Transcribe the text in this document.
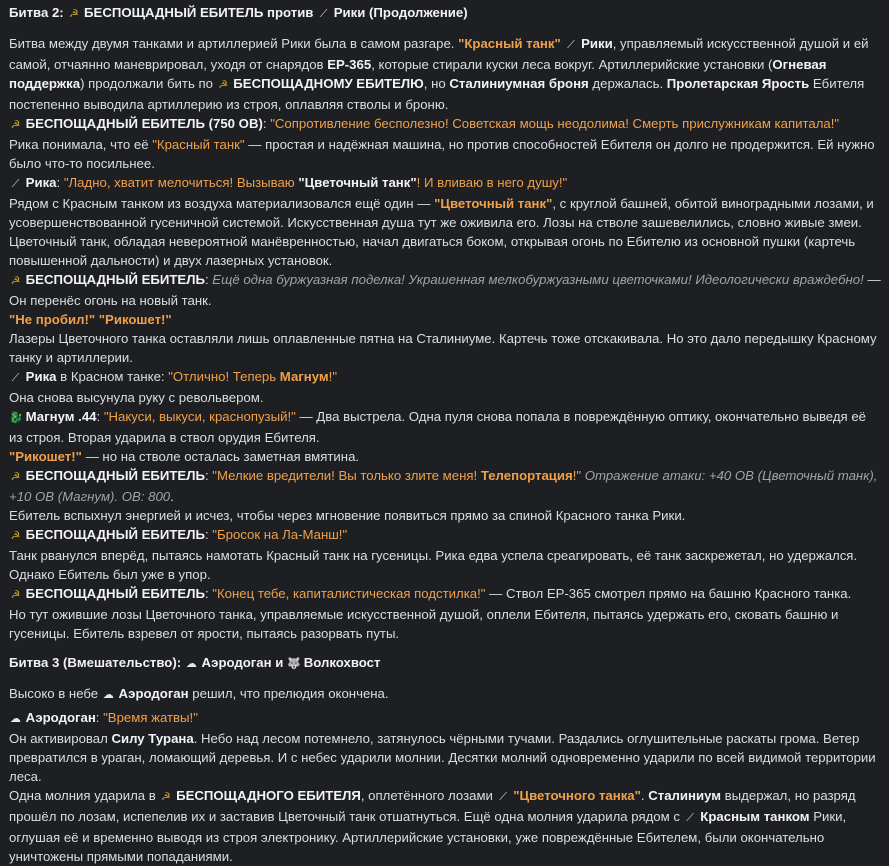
Битва 2: ☭ БЕСПОЩАДНЫЙ ЕБИТЕЛЬ против ⟋ Рики (Продолжение)
Битва между двумя танками и артиллерией Рики была в самом разгаре. "Красный танк" ⟋ Рики, управляемый искусственной душой и ей самой, отчаянно маневрировал, уходя от снарядов ЕР-365, которые стирали куски леса вокруг. Артиллерийские установки (Огневая поддержка) продолжали бить по ☭ БЕСПОЩАДНОМУ ЕБИТЕЛЮ, но Сталиниумная броня держалась. Пролетарская Ярость Ебителя постепенно выводила артиллерию из строя, оплавляя стволы и броню.
☭ БЕСПОЩАДНЫЙ ЕБИТЕЛЬ (750 ОВ): "Сопротивление бесполезно! Советская мощь неодолима! Смерть прислужникам капитала!"
Рика понимала, что её "Красный танк" — простая и надёжная машина, но против способностей Ебителя он долго не продержится. Ей нужно было что-то посильнее.
⟋ Рика: "Ладно, хватит мелочиться! Вызываю "Цветочный танк"! И вливаю в него душу!"
Рядом с Красным танком из воздуха материализовался ещё один — "Цветочный танк", с круглой башней, обитой виноградными лозами, и усовершенствованной гусеничной системой. Искусственная душа тут же оживила его. Лозы на стволе зашевелились, словно живые змеи. Цветочный танк, обладая невероятной манёвренностью, начал двигаться боком, открывая огонь по Ебителю из основной пушки (картечь повышенной дальности) и двух лазерных установок.
☭ БЕСПОЩАДНЫЙ ЕБИТЕЛЬ: Ещё одна буржуазная поделка! Украшенная мелкобуржуазными цветочками! Идеологически враждебно! — Он перенёс огонь на новый танк.
"Не пробил!" "Рикошет!"
Лазеры Цветочного танка оставляли лишь оплавленные пятна на Сталиниуме. Картечь тоже отскакивала. Но это дало передышку Красному танку и артиллерии.
⟋ Рика в Красном танке: "Отлично! Теперь Магнум!"
Она снова высунула руку с револьвером.
🐉 Магнум .44: "Накуси, выкуси, краснопузый!" — Два выстрела. Одна пуля снова попала в повреждённую оптику, окончательно выведя её из строя. Вторая ударила в ствол орудия Ебителя.
"Рикошет!" — но на стволе осталась заметная вмятина.
☭ БЕСПОЩАДНЫЙ ЕБИТЕЛЬ: "Мелкие вредители! Вы только злите меня! Телепортация!" Отражение атаки: +40 ОВ (Цветочный танк), +10 ОВ (Магнум). ОВ: 800.
Ебитель вспыхнул энергией и исчез, чтобы через мгновение появиться прямо за спиной Красного танка Рики.
☭ БЕСПОЩАДНЫЙ ЕБИТЕЛЬ: "Бросок на Ла-Манш!"
Танк рванулся вперёд, пытаясь намотать Красный танк на гусеницы. Рика едва успела среагировать, её танк заскрежетал, но удержался. Однако Ебитель был уже в упор.
☭ БЕСПОЩАДНЫЙ ЕБИТЕЛЬ: "Конец тебе, капиталистическая подстилка!" — Ствол ЕР-365 смотрел прямо на башню Красного танка.
Но тут ожившие лозы Цветочного танка, управляемые искусственной душой, оплели Ебителя, пытаясь удержать его, сковать башню и гусеницы. Ебитель взревел от ярости, пытаясь разорвать путы.
Битва 3 (Вмешательство): ☁ Аэродоган и 🐺 Волкохвост
Высоко в небе ☁ Аэродоган решил, что прелюдия окончена.
☁ Аэродоган: "Время жатвы!"
Он активировал Силу Турана. Небо над лесом потемнело, затянулось чёрными тучами. Раздались оглушительные раскаты грома. Ветер превратился в ураган, ломающий деревья. И с небес ударили молнии. Десятки молний одновременно ударили по всей видимой территории леса.
Одна молния ударила в ☭ БЕСПОЩАДНОГО ЕБИТЕЛЯ, оплетённого лозами ⟋ "Цветочного танка". Сталиниум выдержал, но разряд прошёл по лозам, испепелив их и заставив Цветочный танк отшатнуться. Ещё одна молния ударила рядом с ⟋ Красным танком Рики, оглушая её и временно выводя из строя электронику. Артиллерийские установки, уже повреждённые Ебителем, были окончательно уничтожены прямыми попаданиями.
